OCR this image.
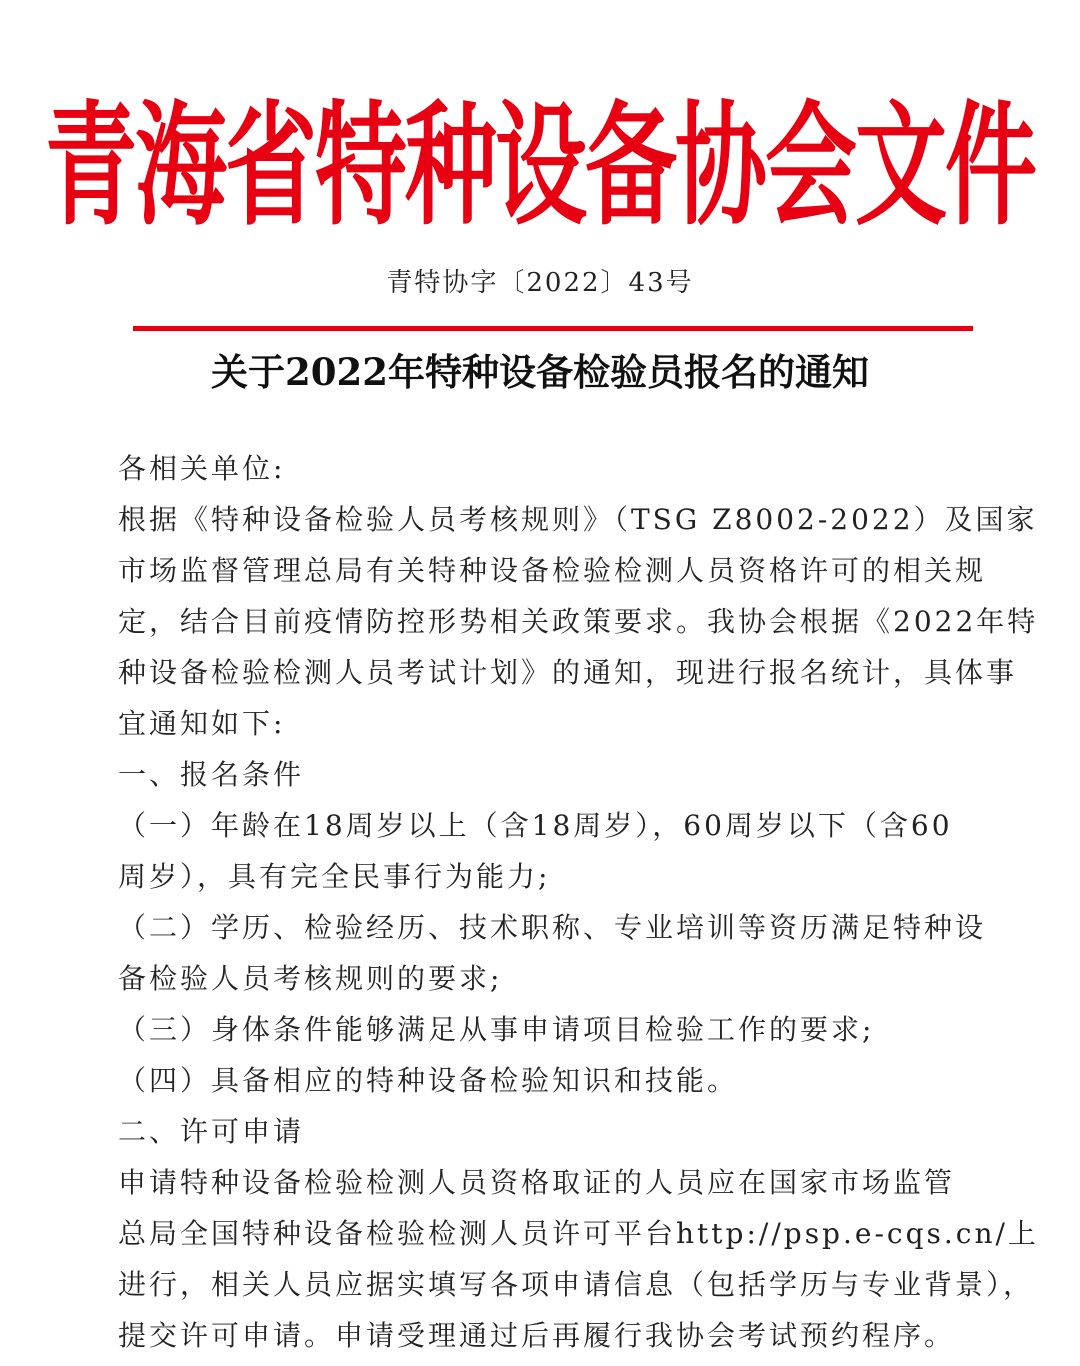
青海省特种设备协会文件
青特协字〔2022〕43号
关于2022年特种设备检验员报名的通知
各相关单位:
根据《特种设备检验人员考核规则》（TSG Z8002-2022）及国家
市场监督管理总局有关特种设备检验检测人员资格许可的相关规
定，结合目前疫情防控形势相关政策要求。我协会根据《2022年特
种设备检验检测人员考试计划》的通知，现进行报名统计，具体事
宜通知如下:
一、报名条件
（一）年龄在18周岁以上（含18周岁），60周岁以下（含60
周岁），具有完全民事行为能力;
（二）学历、检验经历、技术职称、专业培训等资历满足特种设
备检验人员考核规则的要求;
（三）身体条件能够满足从事申请项目检验工作的要求;
（四）具备相应的特种设备检验知识和技能。
二、许可申请
申请特种设备检验检测人员资格取证的人员应在国家市场监管
总局全国特种设备检验检测人员许可平台http://psp.e-cqs.cn/上
进行，相关人员应据实填写各项申请信息（包括学历与专业背景），
提交许可申请。申请受理通过后再履行我协会考试预约程序。
